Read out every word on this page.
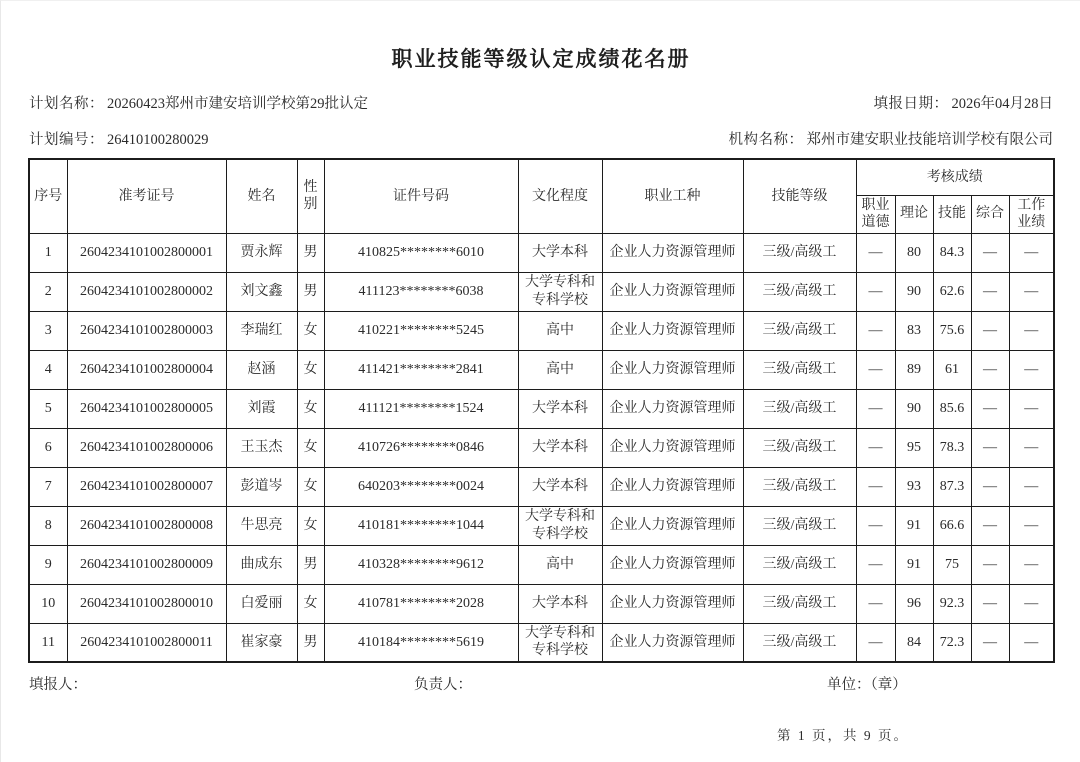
职业技能等级认定成绩花名册
计划名称： 20260423郑州市建安培训学校第29批认定	填报日期： 2026年04月28日
计划编号： 26410100280029	机构名称： 郑州市建安职业技能培训学校有限公司
序号	准考证号	姓名	性别	证件号码	文化程度	职业工种	技能等级	考核成绩				
								职业道德	理论	技能	综合	工作业绩
1	2604234101002800001	贾永辉	男	410825********6010	大学本科	企业人力资源管理师	三级/高级工	—	80	84.3	—	—
2	2604234101002800002	刘文鑫	男	411123********6038	大学专科和专科学校	企业人力资源管理师	三级/高级工	—	90	62.6	—	—
3	2604234101002800003	李瑞红	女	410221********5245	高中	企业人力资源管理师	三级/高级工	—	83	75.6	—	—
4	2604234101002800004	赵涵	女	411421********2841	高中	企业人力资源管理师	三级/高级工	—	89	61	—	—
5	2604234101002800005	刘霞	女	411121********1524	大学本科	企业人力资源管理师	三级/高级工	—	90	85.6	—	—
6	2604234101002800006	王玉杰	女	410726********0846	大学本科	企业人力资源管理师	三级/高级工	—	95	78.3	—	—
7	2604234101002800007	彭道岑	女	640203********0024	大学本科	企业人力资源管理师	三级/高级工	—	93	87.3	—	—
8	2604234101002800008	牛思亮	女	410181********1044	大学专科和专科学校	企业人力资源管理师	三级/高级工	—	91	66.6	—	—
9	2604234101002800009	曲成东	男	410328********9612	高中	企业人力资源管理师	三级/高级工	—	91	75	—	—
10	2604234101002800010	白爱丽	女	410781********2028	大学本科	企业人力资源管理师	三级/高级工	—	96	92.3	—	—
11	2604234101002800011	崔家豪	男	410184********5619	大学专科和专科学校	企业人力资源管理师	三级/高级工	—	84	72.3	—	—
填报人：	负责人：	单位：（章）
第 1 页，共 9 页。
